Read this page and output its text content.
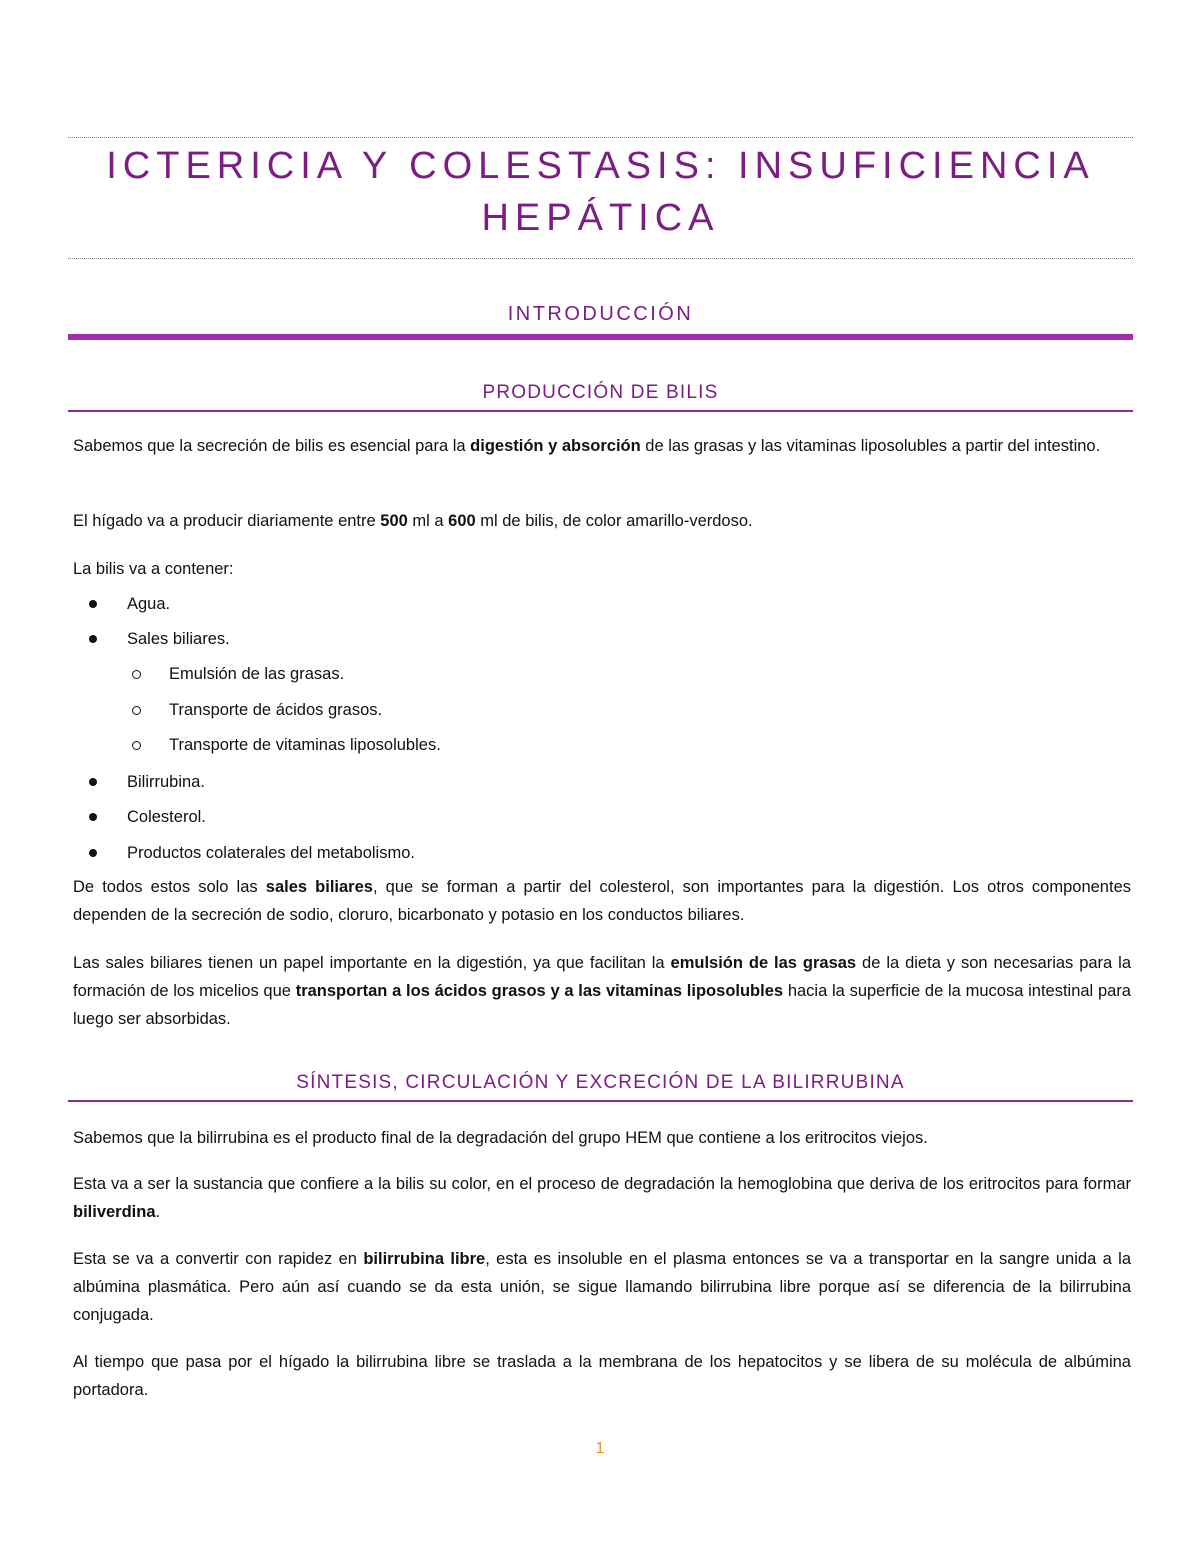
ICTERICIA Y COLESTASIS: INSUFICIENCIA
HEPÁTICA
INTRODUCCIÓN
PRODUCCIÓN DE BILIS
Sabemos que la secreción de bilis es esencial para la digestión y absorción de las grasas y las vitaminas liposolubles a partir del intestino.
El hígado va a producir diariamente entre 500 ml a 600 ml de bilis, de color amarillo-verdoso.
La bilis va a contener:
Agua.
Sales biliares.
Emulsión de las grasas.
Transporte de ácidos grasos.
Transporte de vitaminas liposolubles.
Bilirrubina.
Colesterol.
Productos colaterales del metabolismo.
De todos estos solo las sales biliares, que se forman a partir del colesterol, son importantes para la digestión. Los otros componentes dependen de la secreción de sodio, cloruro, bicarbonato y potasio en los conductos biliares.
Las sales biliares tienen un papel importante en la digestión, ya que facilitan la emulsión de las grasas de la dieta y son necesarias para la formación de los micelios que transportan a los ácidos grasos y a las vitaminas liposolubles hacia la superficie de la mucosa intestinal para luego ser absorbidas.
SÍNTESIS, CIRCULACIÓN Y EXCRECIÓN DE LA BILIRRUBINA
Sabemos que la bilirrubina es el producto final de la degradación del grupo HEM que contiene a los eritrocitos viejos.
Esta va a ser la sustancia que confiere a la bilis su color, en el proceso de degradación la hemoglobina que deriva de los eritrocitos para formar biliverdina.
Esta se va a convertir con rapidez en bilirrubina libre, esta es insoluble en el plasma entonces se va a transportar en la sangre unida a la albúmina plasmática. Pero aún así cuando se da esta unión, se sigue llamando bilirrubina libre porque así se diferencia de la bilirrubina conjugada.
Al tiempo que pasa por el hígado la bilirrubina libre se traslada a la membrana de los hepatocitos y se libera de su molécula de albúmina portadora.
1
